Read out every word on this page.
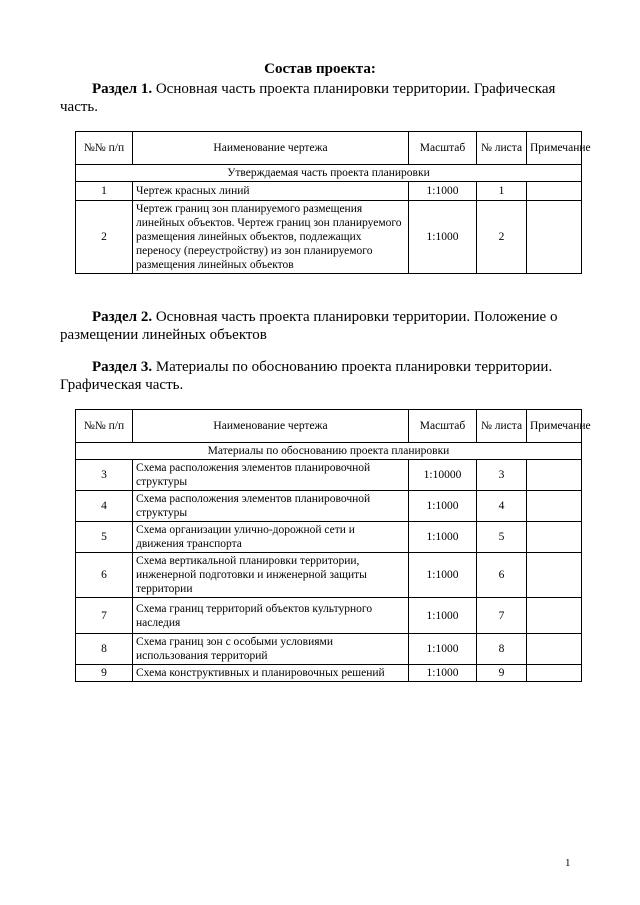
Состав проекта:

Раздел 1. Основная часть проекта планировки территории. Графическая часть.

№№ п/п	Наименование чертежа	Масштаб	№ листа	Примечание
Утверждаемая часть проекта планировки				
1	Чертеж красных линий	1:1000	1	
2	Чертеж границ зон планируемого размещения линейных объектов. Чертеж границ зон планируемого размещения линейных объектов, подлежащих переносу (переустройству) из зон планируемого размещения линейных объектов	1:1000	2	

Раздел 2. Основная часть проекта планировки территории. Положение о размещении линейных объектов

Раздел 3. Материалы по обоснованию проекта планировки территории. Графическая часть.

№№ п/п	Наименование чертежа	Масштаб	№ листа	Примечание
Материалы по обоснованию проекта планировки				
3	Схема расположения элементов планировочной структуры	1:10000	3	
4	Схема расположения элементов планировочной структуры	1:1000	4	
5	Схема организации улично-дорожной сети и движения транспорта	1:1000	5	
6	Схема вертикальной планировки территории, инженерной подготовки и инженерной защиты территории	1:1000	6	
7	Схема границ территорий объектов культурного наследия	1:1000	7	
8	Схема границ зон с особыми условиями использования территорий	1:1000	8	
9	Схема конструктивных и планировочных решений	1:1000	9	
1
